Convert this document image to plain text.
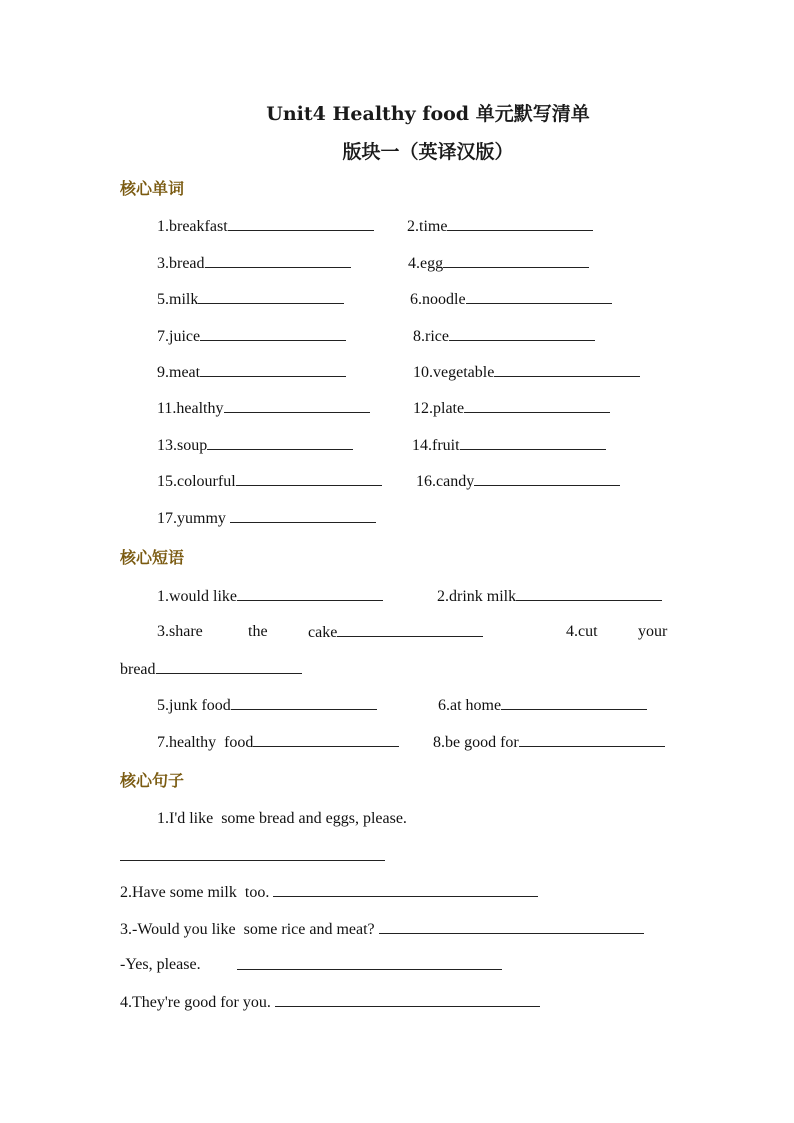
Unit4 Healthy food 单元默写清单
版块一（英译汉版）
核心单词
1.breakfast	2.time
3.bread	4.egg
5.milk	6.noodle
7.juice	8.rice
9.meat	10.vegetable
11.healthy	12.plate
13.soup	14.fruit
15.colourful	16.candy
17.yummy
核心短语
1.would like	2.drink milk
3.share	the	cake	4.cut	your
bread
5.junk food	6.at home
7.healthy  food	8.be good for
核心句子
1.I'd like  some bread and eggs, please.
2.Have some milk  too.
3.-Would you like  some rice and meat?
-Yes, please.
4.They're good for you.
